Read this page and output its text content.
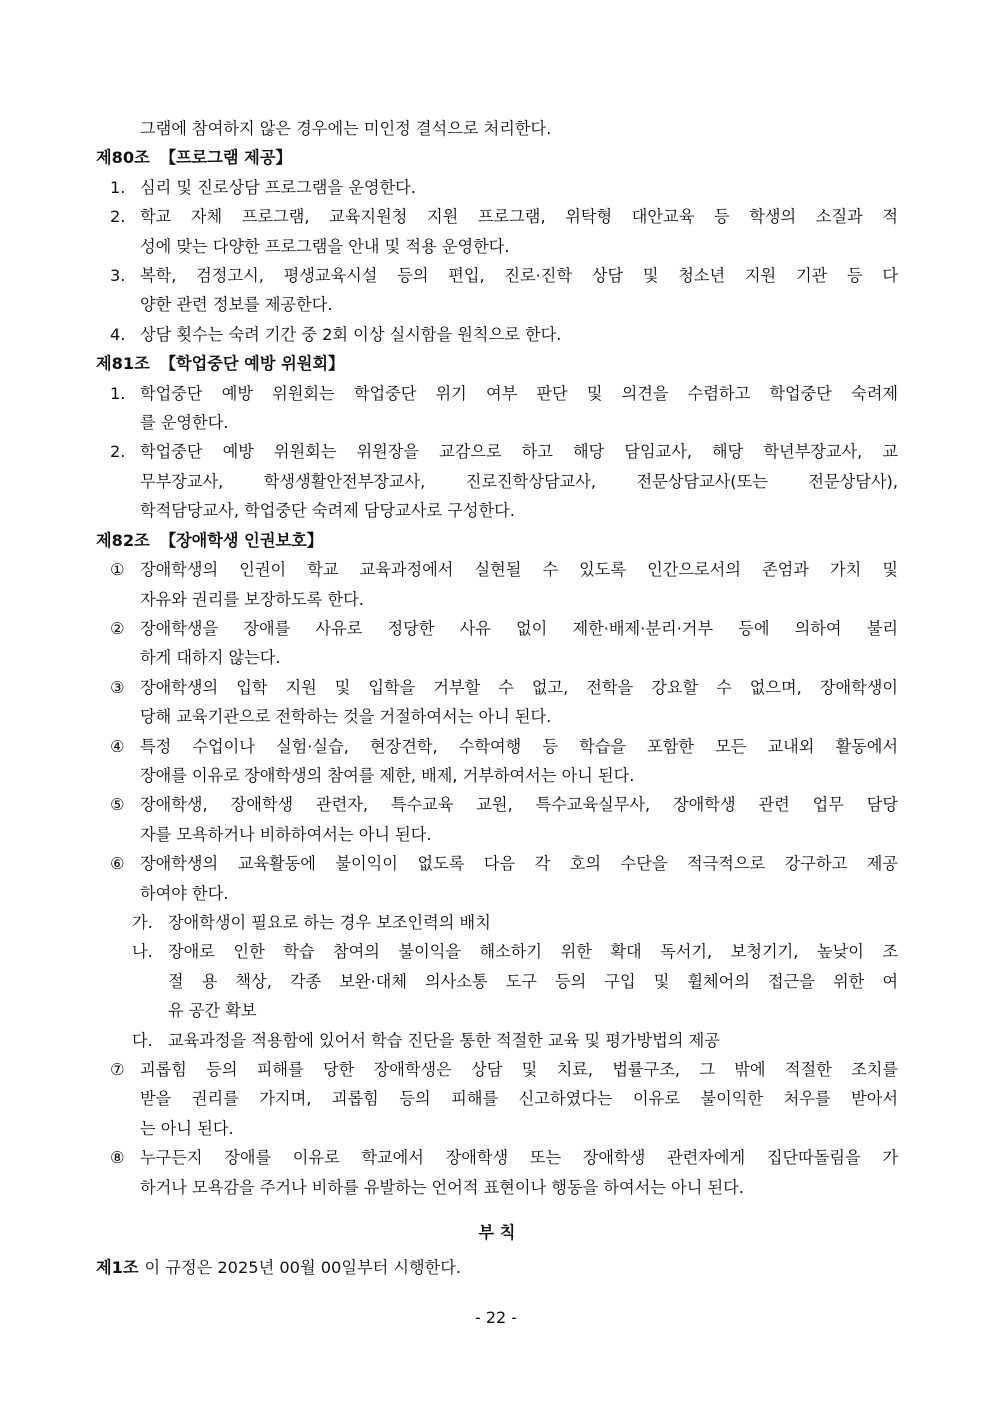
그램에 참여하지 않은 경우에는 미인정 결석으로 처리한다.
제80조 【프로그램 제공】
1. 심리 및 진로상담 프로그램을 운영한다.
2. 학교 자체 프로그램, 교육지원청 지원 프로그램, 위탁형 대안교육 등 학생의 소질과 적
성에 맞는 다양한 프로그램을 안내 및 적용 운영한다.
3. 복학, 검정고시, 평생교육시설 등의 편입, 진로·진학 상담 및 청소년 지원 기관 등 다
양한 관련 정보를 제공한다.
4. 상담 횟수는 숙려 기간 중 2회 이상 실시함을 원칙으로 한다.
제81조 【학업중단 예방 위원회】
1. 학업중단 예방 위원회는 학업중단 위기 여부 판단 및 의견을 수렴하고 학업중단 숙려제
를 운영한다.
2. 학업중단 예방 위원회는 위원장을 교감으로 하고 해당 담임교사, 해당 학년부장교사, 교
무부장교사, 학생생활안전부장교사, 진로진학상담교사, 전문상담교사(또는 전문상담사),
학적담당교사, 학업중단 숙려제 담당교사로 구성한다.
제82조 【장애학생 인권보호】
① 장애학생의 인권이 학교 교육과정에서 실현될 수 있도록 인간으로서의 존엄과 가치 및
자유와 권리를 보장하도록 한다.
② 장애학생을 장애를 사유로 정당한 사유 없이 제한·배제·분리·거부 등에 의하여 불리
하게 대하지 않는다.
③ 장애학생의 입학 지원 및 입학을 거부할 수 없고, 전학을 강요할 수 없으며, 장애학생이
당해 교육기관으로 전학하는 것을 거절하여서는 아니 된다.
④ 특정 수업이나 실험·실습, 현장견학, 수학여행 등 학습을 포함한 모든 교내외 활동에서
장애를 이유로 장애학생의 참여를 제한, 배제, 거부하여서는 아니 된다.
⑤ 장애학생, 장애학생 관련자, 특수교육 교원, 특수교육실무사, 장애학생 관련 업무 담당
자를 모욕하거나 비하하여서는 아니 된다.
⑥ 장애학생의 교육활동에 불이익이 없도록 다음 각 호의 수단을 적극적으로 강구하고 제공
하여야 한다.
가. 장애학생이 필요로 하는 경우 보조인력의 배치
나. 장애로 인한 학습 참여의 불이익을 해소하기 위한 확대 독서기, 보청기기, 높낮이 조
절 용 책상, 각종 보완·대체 의사소통 도구 등의 구입 및 휠체어의 접근을 위한 여
유 공간 확보
다. 교육과정을 적용함에 있어서 학습 진단을 통한 적절한 교육 및 평가방법의 제공
⑦ 괴롭힘 등의 피해를 당한 장애학생은 상담 및 치료, 법률구조, 그 밖에 적절한 조치를
받을 권리를 가지며, 괴롭힘 등의 피해를 신고하였다는 이유로 불이익한 처우를 받아서
는 아니 된다.
⑧ 누구든지 장애를 이유로 학교에서 장애학생 또는 장애학생 관련자에게 집단따돌림을 가
하거나 모욕감을 주거나 비하를 유발하는 언어적 표현이나 행동을 하여서는 아니 된다.
부 칙
제1조 이 규정은 2025년 00월 00일부터 시행한다.
- 22 -
